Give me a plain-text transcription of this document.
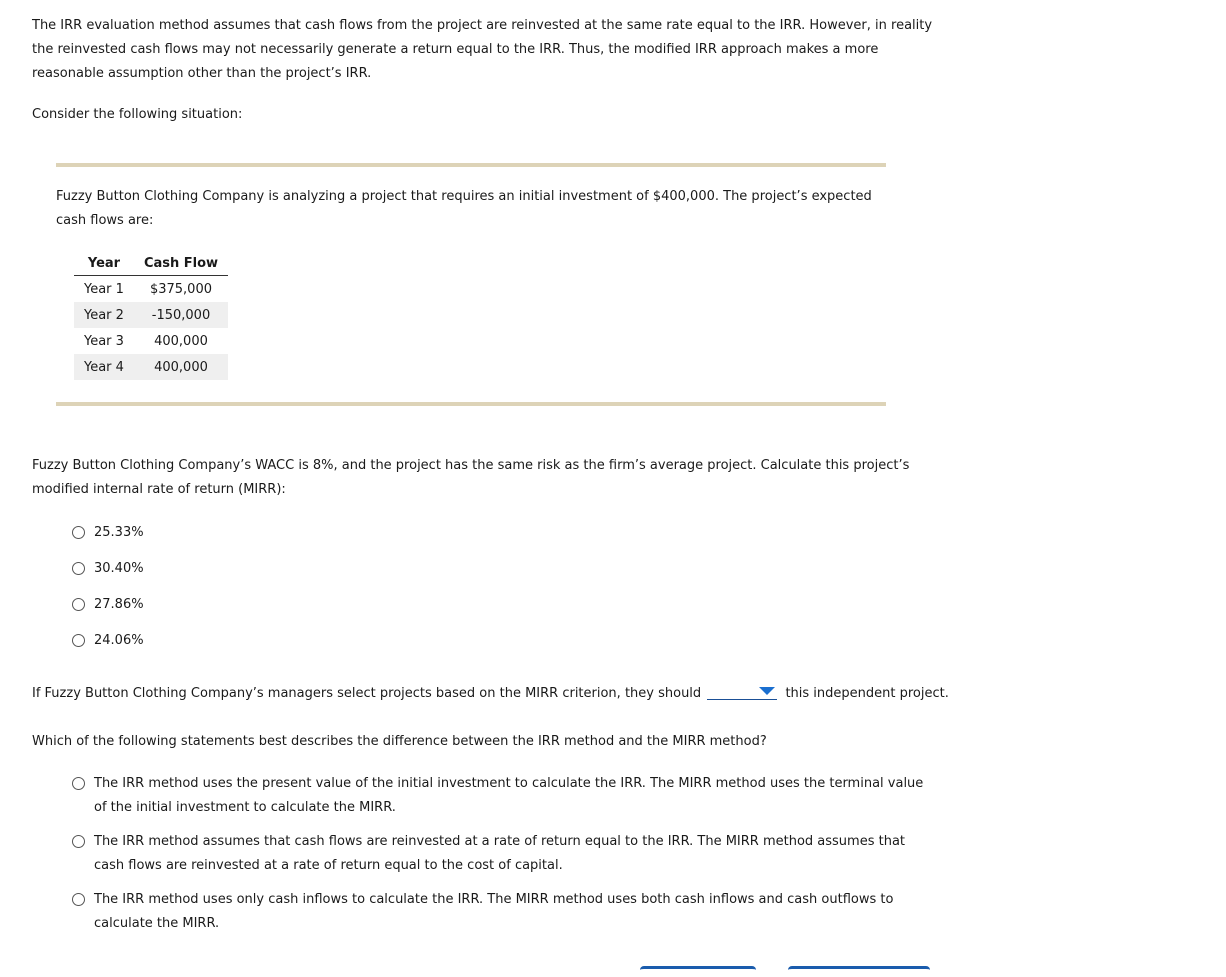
The IRR evaluation method assumes that cash flows from the project are reinvested at the same rate equal to the IRR. However, in reality the reinvested cash flows may not necessarily generate a return equal to the IRR. Thus, the modified IRR approach makes a more reasonable assumption other than the project’s IRR.

Consider the following situation:

Fuzzy Button Clothing Company is analyzing a project that requires an initial investment of $400,000. The project’s expected cash flows are:

Year	Cash Flow
Year 1	$375,000
Year 2	-150,000
Year 3	400,000
Year 4	400,000

Fuzzy Button Clothing Company’s WACC is 8%, and the project has the same risk as the firm’s average project. Calculate this project’s modified internal rate of return (MIRR):

25.33%
30.40%
27.86%
24.06%
If Fuzzy Button Clothing Company’s managers select projects based on the MIRR criterion, they should	this independent project.

Which of the following statements best describes the difference between the IRR method and the MIRR method?

The IRR method uses the present value of the initial investment to calculate the IRR. The MIRR method uses the terminal value of the initial investment to calculate the MIRR.
The IRR method assumes that cash flows are reinvested at a rate of return equal to the IRR. The MIRR method assumes that cash flows are reinvested at a rate of return equal to the cost of capital.
The IRR method uses only cash inflows to calculate the IRR. The MIRR method uses both cash inflows and cash outflows to calculate the MIRR.
